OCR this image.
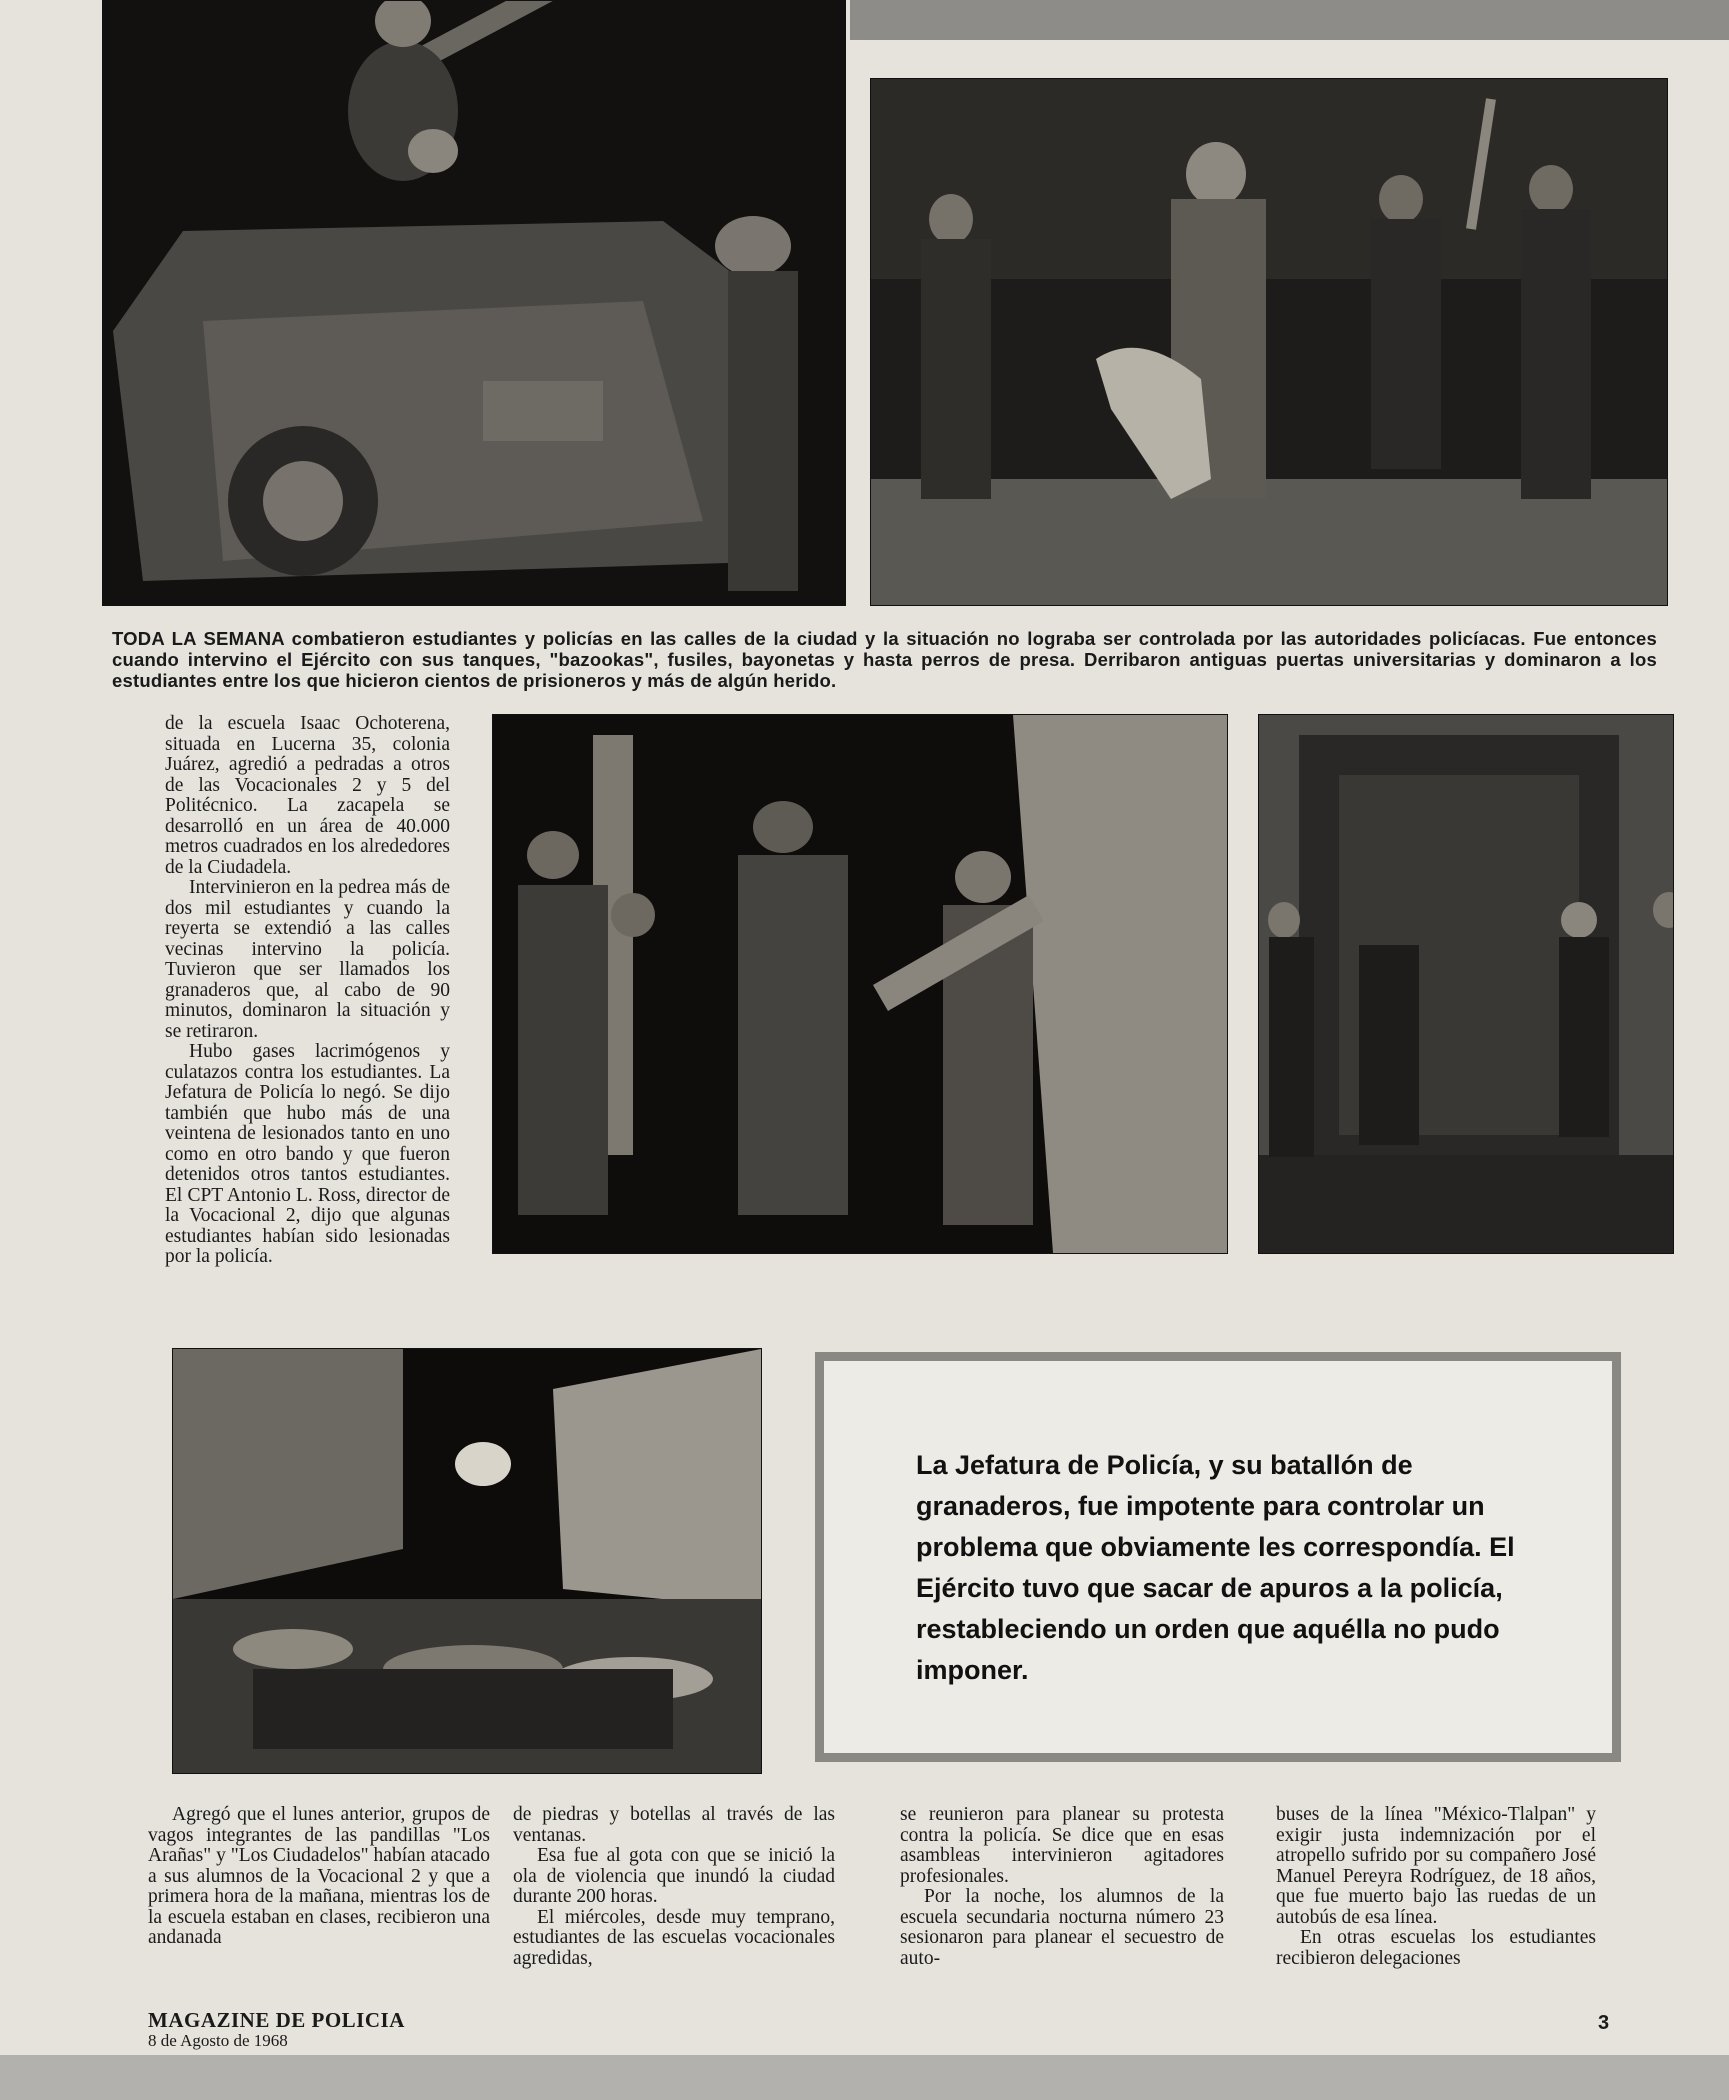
TODA LA SEMANA combatieron estudiantes y policías en las calles de la ciudad y la situación no lograba ser controlada por las autoridades policíacas. Fue entonces cuando intervino el Ejército con sus tanques, "bazookas", fusiles, bayonetas y hasta perros de presa. Derribaron antiguas puertas universitarias y dominaron a los estudiantes entre los que hicieron cientos de prisioneros y más de algún herido.

de la escuela Isaac Ochoterena, situada en Lucerna 35, colonia Juárez, agredió a pedradas a otros de las Vocacionales 2 y 5 del Politécnico. La zacapela se desarrolló en un área de 40.000 metros cuadrados en los alrededores de la Ciudadela.

Intervinieron en la pedrea más de dos mil estudiantes y cuando la reyerta se extendió a las calles vecinas intervino la policía. Tuvieron que ser llamados los granaderos que, al cabo de 90 minutos, dominaron la situación y se retiraron.

Hubo gases lacrimógenos y culatazos contra los estudiantes. La Jefatura de Policía lo negó. Se dijo también que hubo más de una veintena de lesionados tanto en uno como en otro bando y que fueron detenidos otros tantos estudiantes. El CPT Antonio L. Ross, director de la Vocacional 2, dijo que algunas estudiantes habían sido lesionadas por la policía.

La Jefatura de Policía, y su batallón de granaderos, fue impotente para controlar un problema que obviamente les correspondía. El Ejército tuvo que sacar de apuros a la policía, restableciendo un orden que aquélla no pudo imponer.

Agregó que el lunes anterior, grupos de vagos integrantes de las pandillas "Los Arañas" y "Los Ciudadelos" habían atacado a sus alumnos de la Vocacional 2 y que a primera hora de la mañana, mientras los de la escuela estaban en clases, recibieron una andanada

de piedras y botellas al través de las ventanas.

Esa fue al gota con que se inició la ola de violencia que inundó la ciudad durante 200 horas.

El miércoles, desde muy temprano, estudiantes de las escuelas vocacionales agredidas,

se reunieron para planear su protesta contra la policía. Se dice que en esas asambleas intervinieron agitadores profesionales.

Por la noche, los alumnos de la escuela secundaria nocturna número 23 sesionaron para planear el secuestro de auto-

buses de la línea "México-Tlalpan" y exigir justa indemnización por el atropello sufrido por su compañero José Manuel Pereyra Rodríguez, de 18 años, que fue muerto bajo las ruedas de un autobús de esa línea.

En otras escuelas los estudiantes recibieron delegaciones

MAGAZINE DE POLICIA
8 de Agosto de 1968
3
